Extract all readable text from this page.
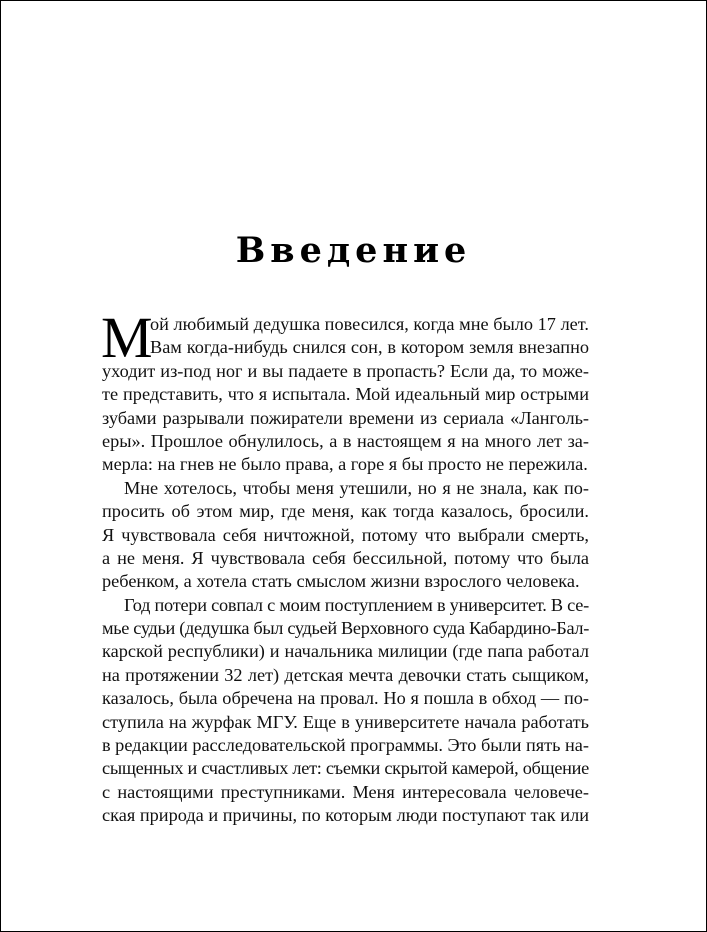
Введение
М
ой любимый дедушка повесился, когда мне было 17 лет.
Вам когда-нибудь снился сон, в котором земля внезапно
уходит из-под ног и вы падаете в пропасть? Если да, то може-
те представить, что я испытала. Мой идеальный мир острыми
зубами разрывали пожиратели времени из сериала «Ланголь-
еры». Прошлое обнулилось, а в настоящем я на много лет за-
мерла: на гнев не было права, а горе я бы просто не пережила.
Мне хотелось, чтобы меня утешили, но я не знала, как по-
просить об этом мир, где меня, как тогда казалось, бросили.
Я чувствовала себя ничтожной, потому что выбрали смерть,
а не меня. Я чувствовала себя бессильной, потому что была
ребенком, а хотела стать смыслом жизни взрослого человека.
Год потери совпал с моим поступлением в университет. В се-
мье судьи (дедушка был судьей Верховного суда Кабардино-Бал-
карской республики) и начальника милиции (где папа работал
на протяжении 32 лет) детская мечта девочки стать сыщиком,
казалось, была обречена на провал. Но я пошла в обход — по-
ступила на журфак МГУ. Еще в университете начала работать
в редакции расследовательской программы. Это были пять на-
сыщенных и счастливых лет: съемки скрытой камерой, общение
с настоящими преступниками. Меня интересовала человече-
ская природа и причины, по которым люди поступают так или
